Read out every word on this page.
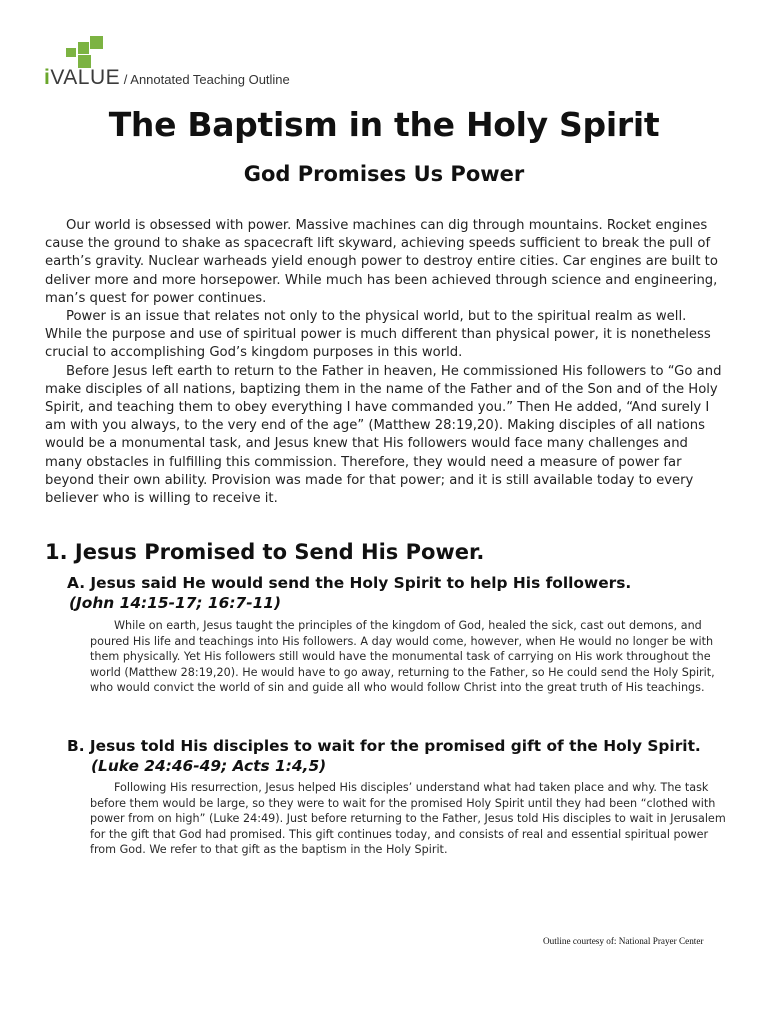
iVALUE / Annotated Teaching Outline
The Baptism in the Holy Spirit
God Promises Us Power

Our world is obsessed with power. Massive machines can dig through mountains. Rocket engines cause the ground to shake as spacecraft lift skyward, achieving speeds sufficient to break the pull of earth’s gravity. Nuclear warheads yield enough power to destroy entire cities. Car engines are built to deliver more and more horsepower. While much has been achieved through science and engineering, man’s quest for power continues.

Power is an issue that relates not only to the physical world, but to the spiritual realm as well. While the purpose and use of spiritual power is much different than physical power, it is nonetheless crucial to accomplishing God’s kingdom purposes in this world.

Before Jesus left earth to return to the Father in heaven, He commissioned His followers to “Go and make disciples of all nations, baptizing them in the name of the Father and of the Son and of the Holy Spirit, and teaching them to obey everything I have commanded you.” Then He added, “And surely I am with you always, to the very end of the age” (Matthew 28:19,20). Making disciples of all nations would be a monumental task, and Jesus knew that His followers would face many challenges and many obstacles in fulfilling this commission. Therefore, they would need a measure of power far beyond their own ability. Provision was made for that power; and it is still available today to every believer who is willing to receive it.

1. Jesus Promised to Send His Power.
A. Jesus said He would send the Holy Spirit to help His followers.
(John 14:15-17; 16:7-11)

While on earth, Jesus taught the principles of the kingdom of God, healed the sick, cast out demons, and poured His life and teachings into His followers. A day would come, however, when He would no longer be with them physically. Yet His followers still would have the monumental task of carrying on His work throughout the world (Matthew 28:19,20). He would have to go away, returning to the Father, so He could send the Holy Spirit, who would convict the world of sin and guide all who would follow Christ into the great truth of His teachings.

B. Jesus told His disciples to wait for the promised gift of the Holy Spirit.
(Luke 24:46-49; Acts 1:4,5)

Following His resurrection, Jesus helped His disciples’ understand what had taken place and why. The task before them would be large, so they were to wait for the promised Holy Spirit until they had been “clothed with power from on high” (Luke 24:49). Just before returning to the Father, Jesus told His disciples to wait in Jerusalem for the gift that God had promised. This gift continues today, and consists of real and essential spiritual power from God. We refer to that gift as the baptism in the Holy Spirit.

Outline courtesy of: National Prayer Center
